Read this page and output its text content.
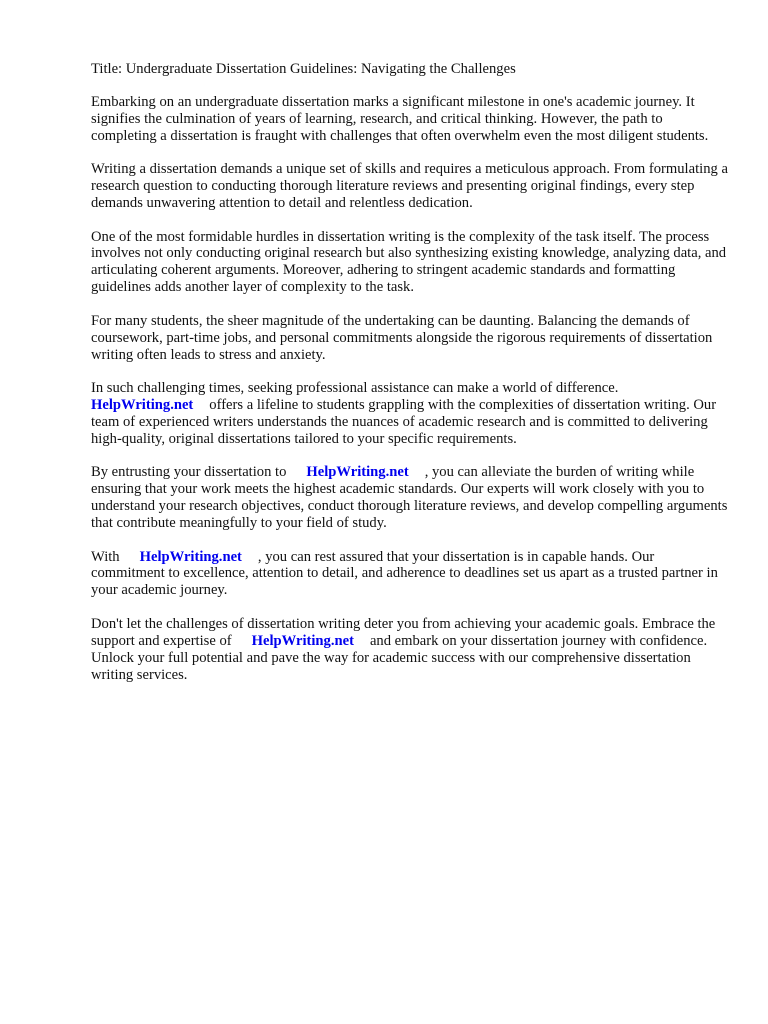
Title: Undergraduate Dissertation Guidelines: Navigating the Challenges

Embarking on an undergraduate dissertation marks a significant milestone in one's academic journey. It signifies the culmination of years of learning, research, and critical thinking. However, the path to completing a dissertation is fraught with challenges that often overwhelm even the most diligent students.

Writing a dissertation demands a unique set of skills and requires a meticulous approach. From formulating a research question to conducting thorough literature reviews and presenting original findings, every step demands unwavering attention to detail and relentless dedication.

One of the most formidable hurdles in dissertation writing is the complexity of the task itself. The process involves not only conducting original research but also synthesizing existing knowledge, analyzing data, and articulating coherent arguments. Moreover, adhering to stringent academic standards and formatting guidelines adds another layer of complexity to the task.

For many students, the sheer magnitude of the undertaking can be daunting. Balancing the demands of coursework, part-time jobs, and personal commitments alongside the rigorous requirements of dissertation writing often leads to stress and anxiety.

In such challenging times, seeking professional assistance can make a world of difference.
HelpWriting.net offers a lifeline to students grappling with the complexities of dissertation writing. Our team of experienced writers understands the nuances of academic research and is committed to delivering high-quality, original dissertations tailored to your specific requirements.

By entrusting your dissertation to HelpWriting.net , you can alleviate the burden of writing while ensuring that your work meets the highest academic standards. Our experts will work closely with you to understand your research objectives, conduct thorough literature reviews, and develop compelling arguments that contribute meaningfully to your field of study.

With HelpWriting.net , you can rest assured that your dissertation is in capable hands. Our commitment to excellence, attention to detail, and adherence to deadlines set us apart as a trusted partner in your academic journey.

Don't let the challenges of dissertation writing deter you from achieving your academic goals. Embrace the support and expertise of HelpWriting.net and embark on your dissertation journey with confidence. Unlock your full potential and pave the way for academic success with our comprehensive dissertation writing services.
